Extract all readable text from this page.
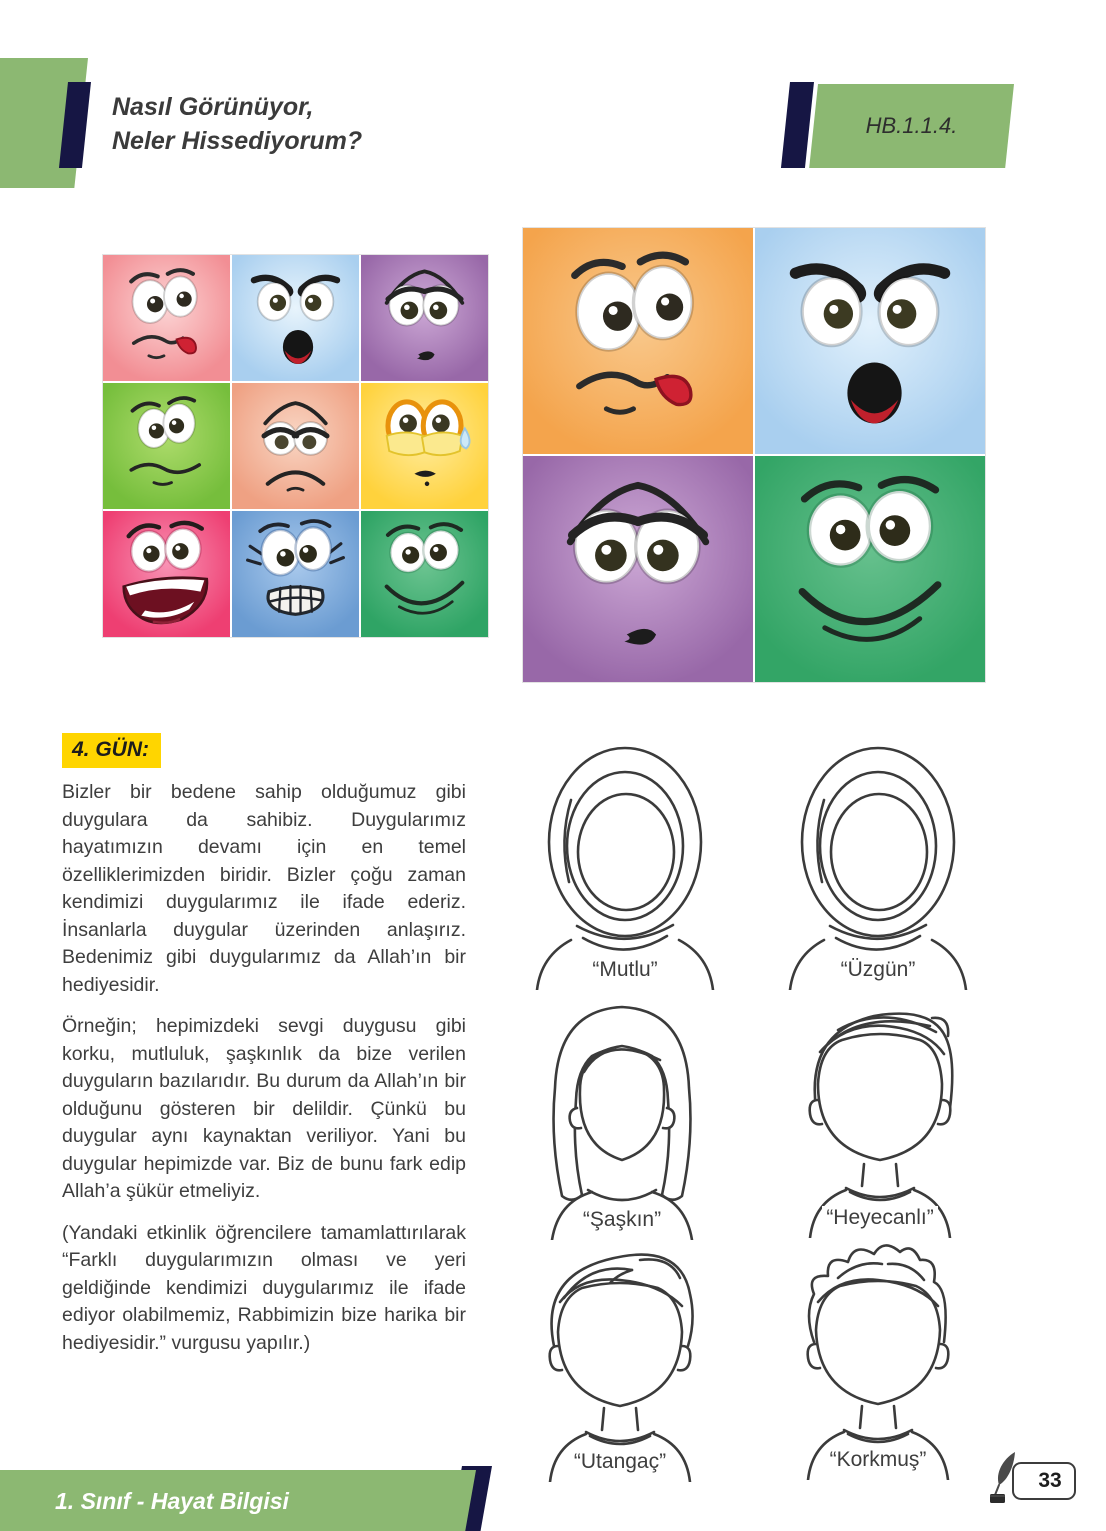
Nasıl Görünüyor,
Neler Hissediyorum?
HB.1.1.4.
4. GÜN:

Bizler bir bedene sahip olduğumuz gibi duygulara da sahibiz. Duygularımız hayatımızın devamı için en temel özelliklerimizden biridir. Bizler çoğu zaman kendimizi duygularımız ile ifade ederiz. İnsanlarla duygular üzerinden anlaşırız. Bedenimiz gibi duygularımız da Allah’ın bir hediyesidir.

Örneğin; hepimizdeki sevgi duygusu gibi korku, mutluluk, şaşkınlık da bize verilen duyguların bazılarıdır. Bu durum da Allah’ın bir olduğunu gösteren bir delildir. Çünkü bu duygular aynı kaynaktan veriliyor. Yani bu duygular hepimizde var. Biz de bunu fark edip Allah’a şükür etmeliyiz.

(Yandaki etkinlik öğrencilere tamamlattırılarak “Farklı duygularımızın olması ve yeri geldiğinde kendimizi duygularımız ile ifade ediyor olabilmemiz, Rabbimizin bize harika bir hediyesidir.” vurgusu yapılır.)

“Mutlu”	“Üzgün”
“Şaşkın”	“Heyecanlı”
“Utangaç”	“Korkmuş”
1. Sınıf - Hayat Bilgisi
33
